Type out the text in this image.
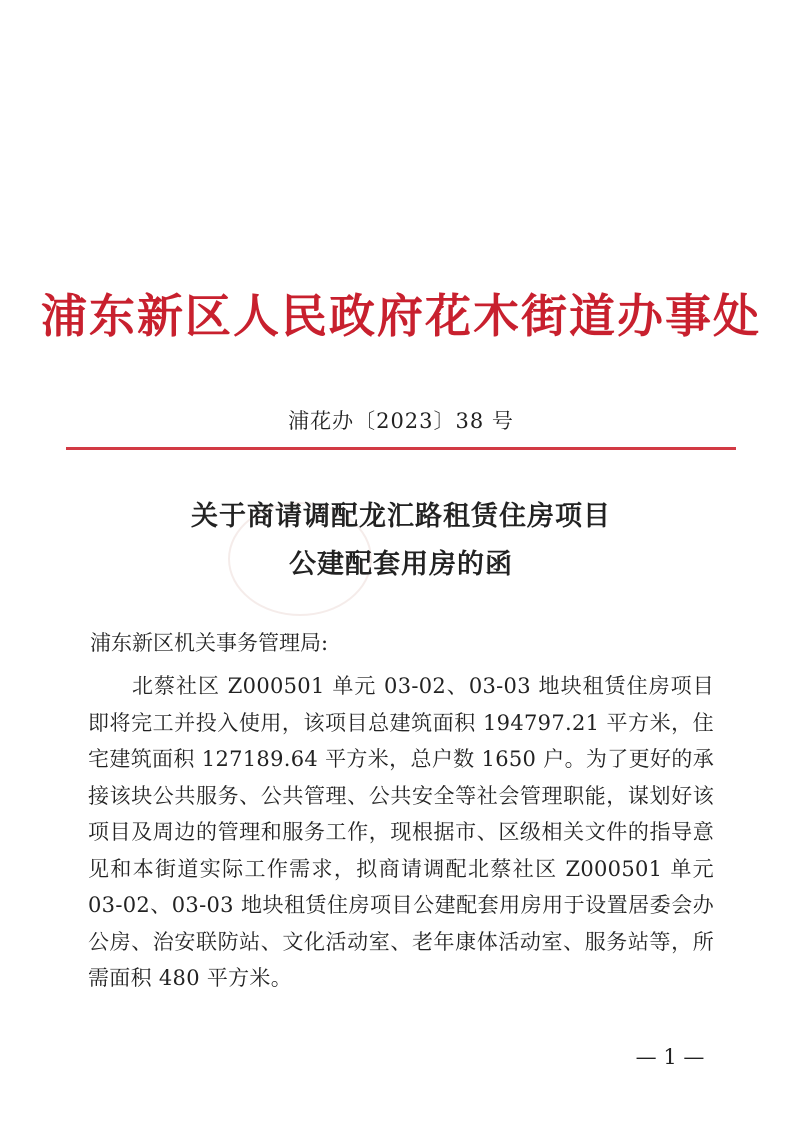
浦东新区人民政府花木街道办事处
浦花办〔2023〕38 号
关于商请调配龙汇路租赁住房项目
公建配套用房的函
浦东新区机关事务管理局:
北蔡社区 Z000501 单元 03-02、03-03 地块租赁住房项目即将完工并投入使用，该项目总建筑面积 194797.21 平方米，住宅建筑面积 127189.64 平方米，总户数 1650 户。为了更好的承接该块公共服务、公共管理、公共安全等社会管理职能，谋划好该项目及周边的管理和服务工作，现根据市、区级相关文件的指导意见和本街道实际工作需求，拟商请调配北蔡社区 Z000501 单元 03-02、03-03 地块租赁住房项目公建配套用房用于设置居委会办公房、治安联防站、文化活动室、老年康体活动室、服务站等，所需面积 480 平方米。
— 1 —
